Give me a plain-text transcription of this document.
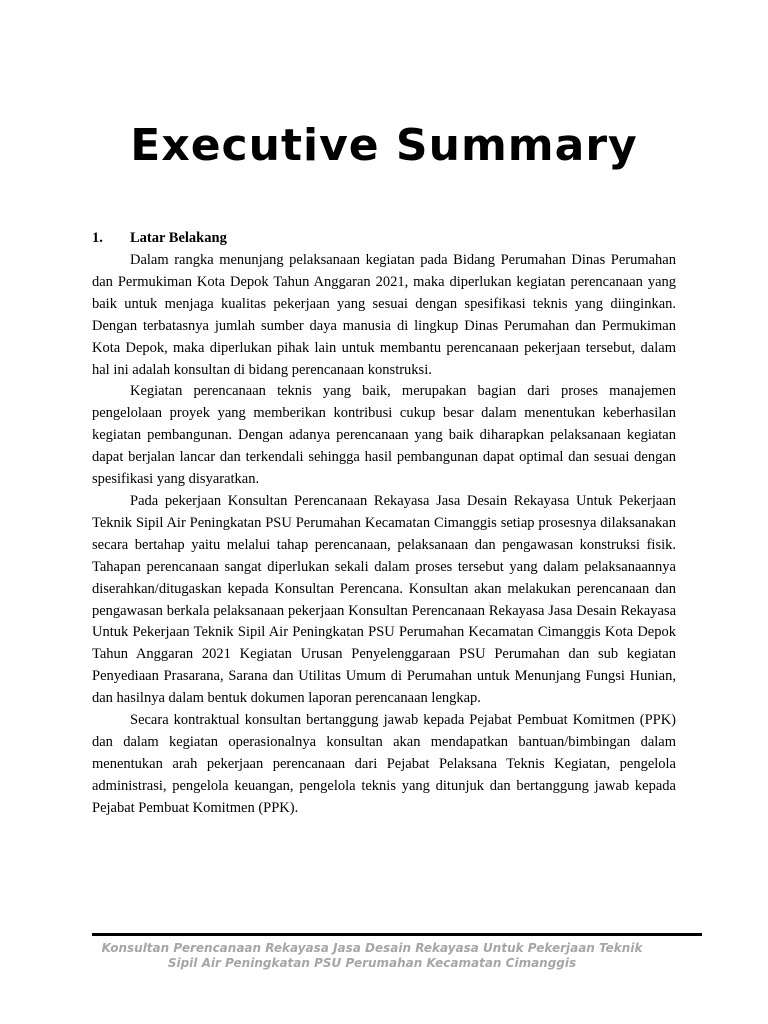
Executive Summary
1. Latar Belakang

Dalam rangka menunjang pelaksanaan kegiatan pada Bidang Perumahan Dinas Perumahan dan Permukiman Kota Depok Tahun Anggaran 2021, maka diperlukan kegiatan perencanaan yang baik untuk menjaga kualitas pekerjaan yang sesuai dengan spesifikasi teknis yang diinginkan. Dengan terbatasnya jumlah sumber daya manusia di lingkup Dinas Perumahan dan Permukiman Kota Depok, maka diperlukan pihak lain untuk membantu perencanaan pekerjaan tersebut, dalam hal ini adalah konsultan di bidang perencanaan konstruksi.

Kegiatan perencanaan teknis yang baik, merupakan bagian dari proses manajemen pengelolaan proyek yang memberikan kontribusi cukup besar dalam menentukan keberhasilan kegiatan pembangunan. Dengan adanya perencanaan yang baik diharapkan pelaksanaan kegiatan dapat berjalan lancar dan terkendali sehingga hasil pembangunan dapat optimal dan sesuai dengan spesifikasi yang disyaratkan.

Pada pekerjaan Konsultan Perencanaan Rekayasa Jasa Desain Rekayasa Untuk Pekerjaan Teknik Sipil Air Peningkatan PSU Perumahan Kecamatan Cimanggis setiap prosesnya dilaksanakan secara bertahap yaitu melalui tahap perencanaan, pelaksanaan dan pengawasan konstruksi fisik. Tahapan perencanaan sangat diperlukan sekali dalam proses tersebut yang dalam pelaksanaannya diserahkan/ditugaskan kepada Konsultan Perencana. Konsultan akan melakukan perencanaan dan pengawasan berkala pelaksanaan pekerjaan Konsultan Perencanaan Rekayasa Jasa Desain Rekayasa Untuk Pekerjaan Teknik Sipil Air Peningkatan PSU Perumahan Kecamatan Cimanggis Kota Depok Tahun Anggaran 2021 Kegiatan Urusan Penyelenggaraan PSU Perumahan dan sub kegiatan Penyediaan Prasarana, Sarana dan Utilitas Umum di Perumahan untuk Menunjang Fungsi Hunian, dan hasilnya dalam bentuk dokumen laporan perencanaan lengkap.

Secara kontraktual konsultan bertanggung jawab kepada Pejabat Pembuat Komitmen (PPK) dan dalam kegiatan operasionalnya konsultan akan mendapatkan bantuan/bimbingan dalam menentukan arah pekerjaan perencanaan dari Pejabat Pelaksana Teknis Kegiatan, pengelola administrasi, pengelola keuangan, pengelola teknis yang ditunjuk dan bertanggung jawab kepada Pejabat Pembuat Komitmen (PPK).

Konsultan Perencanaan Rekayasa Jasa Desain Rekayasa Untuk Pekerjaan Teknik Sipil Air Peningkatan PSU Perumahan Kecamatan Cimanggis
